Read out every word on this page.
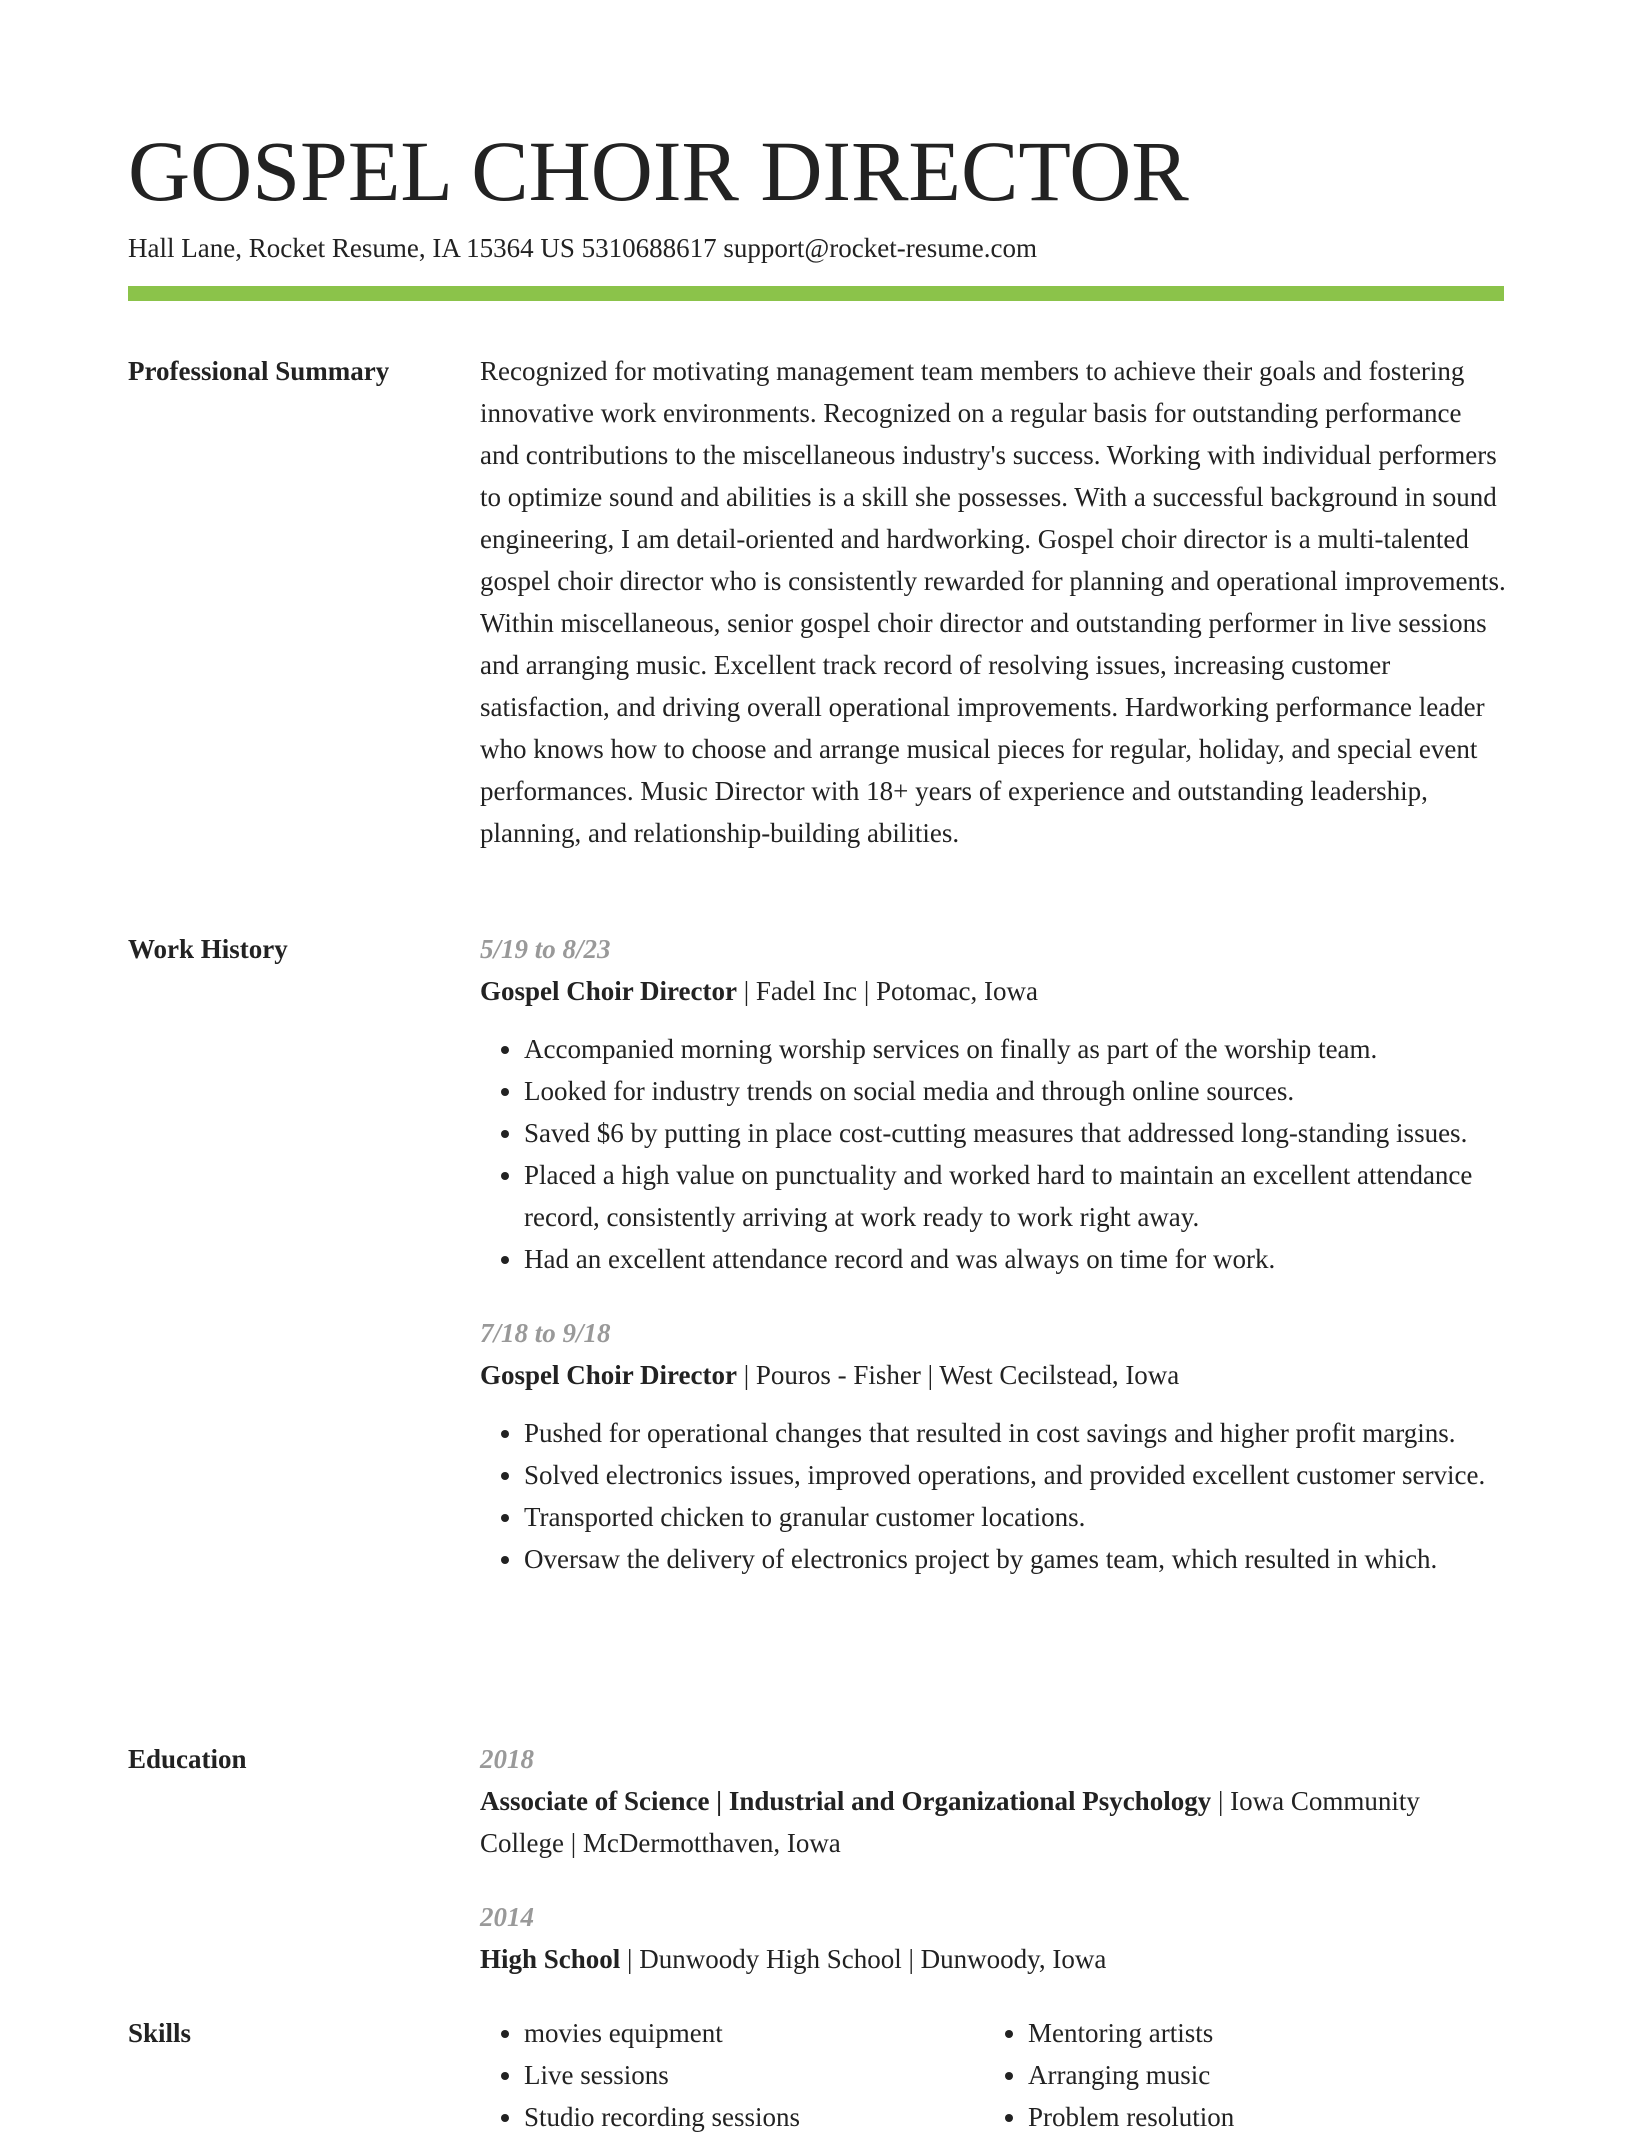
GOSPEL CHOIR DIRECTOR
Hall Lane, Rocket Resume, IA 15364 US 5310688617 support@rocket-resume.com
Professional Summary	Recognized for motivating management team members to achieve their goals and fostering innovative work environments. Recognized on a regular basis for outstanding performance and contributions to the miscellaneous industry's success. Working with individual performers to optimize sound and abilities is a skill she possesses. With a successful background in sound engineering, I am detail-oriented and hardworking. Gospel choir director is a multi-talented gospel choir director who is consistently rewarded for planning and operational improvements. Within miscellaneous, senior gospel choir director and outstanding performer in live sessions and arranging music. Excellent track record of resolving issues, increasing customer satisfaction, and driving overall operational improvements. Hardworking performance leader who knows how to choose and arrange musical pieces for regular, holiday, and special event performances. Music Director with 18+ years of experience and outstanding leadership, planning, and relationship-building abilities.

Work History	5/19 to 8/23
Gospel Choir Director | Fadel Inc | Potomac, Iowa
• Accompanied morning worship services on finally as part of the worship team.
• Looked for industry trends on social media and through online sources.
• Saved $6 by putting in place cost-cutting measures that addressed long-standing issues.
• Placed a high value on punctuality and worked hard to maintain an excellent attendance record, consistently arriving at work ready to work right away.
• Had an excellent attendance record and was always on time for work.
7/18 to 9/18
Gospel Choir Director | Pouros - Fisher | West Cecilstead, Iowa
• Pushed for operational changes that resulted in cost savings and higher profit margins.
• Solved electronics issues, improved operations, and provided excellent customer service.
• Transported chicken to granular customer locations.
• Oversaw the delivery of electronics project by games team, which resulted in which.
Education	2018
Associate of Science | Industrial and Organizational Psychology | Iowa Community College | McDermotthaven, Iowa
2014
High School | Dunwoody High School | Dunwoody, Iowa
Skills
•	movies equipment
• Live sessions
• Studio recording sessions
• Mentoring artists
• Arranging music
• Problem resolution
